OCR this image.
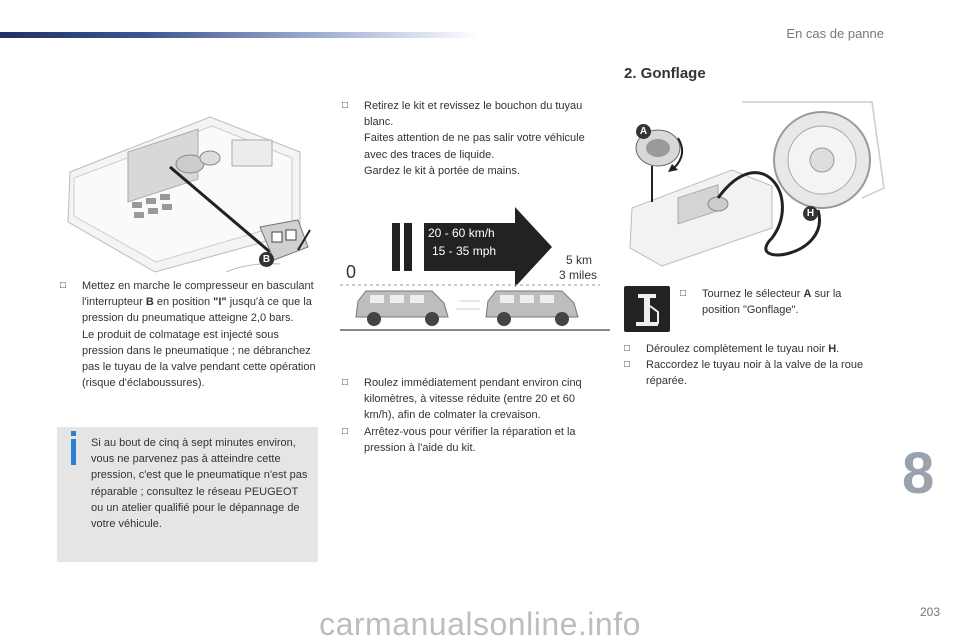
En cas de panne
B
□ Mettez en marche le compresseur en basculant l'interrupteur B en position "I" jusqu'à ce que la pression du pneumatique atteigne 2,0 bars.
Le produit de colmatage est injecté sous pression dans le pneumatique ; ne débranchez pas le tuyau de la valve pendant cette opération (risque d'éclaboussures).
Si au bout de cinq à sept minutes environ, vous ne parvenez pas à atteindre cette pression, c'est que le pneumatique n'est pas réparable ; consultez le réseau PEUGEOT ou un atelier qualifié pour le dépannage de votre véhicule.
□ Retirez le kit et revissez le bouchon du tuyau blanc.
Faites attention de ne pas salir votre véhicule avec des traces de liquide.
Gardez le kit à portée de mains.
20 - 60 km/h
15 - 35 mph
5 km
3 miles
0
□ Roulez immédiatement pendant environ cinq kilomètres, à vitesse réduite (entre 20 et 60 km/h), afin de colmater la crevaison.
□ Arrêtez-vous pour vérifier la réparation et la pression à l'aide du kit.
2. Gonflage
A
H
□ Tournez le sélecteur A sur la position "Gonflage".
□ Déroulez complètement le tuyau noir H.
□ Raccordez le tuyau noir à la valve de la roue réparée.
8
203
carmanualsonline.info
